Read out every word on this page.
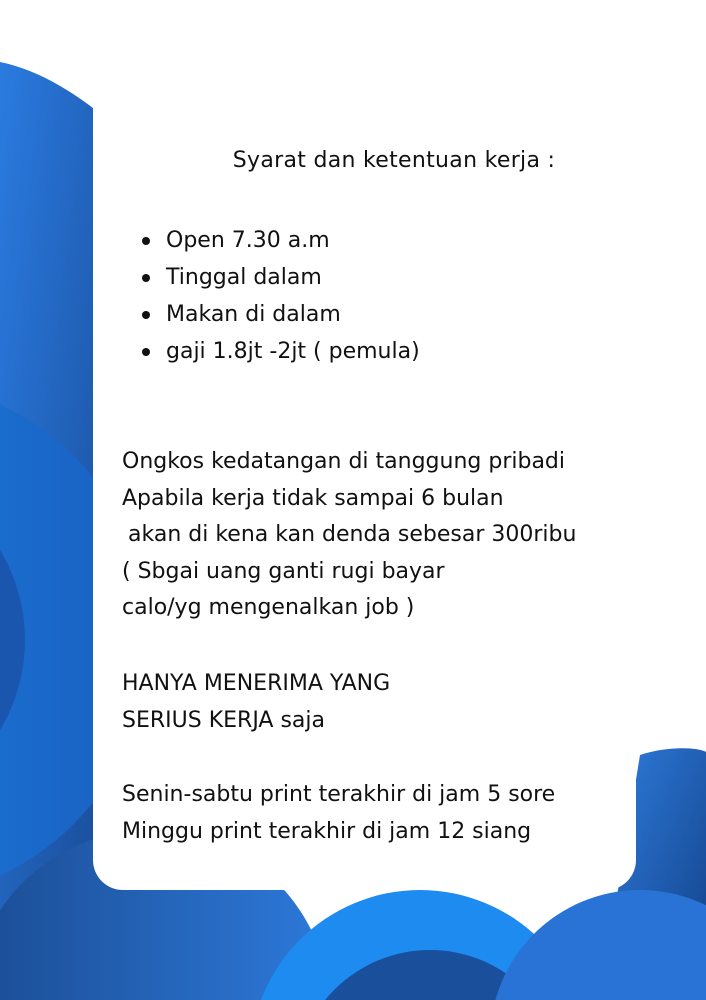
Syarat dan ketentuan kerja :
Open 7.30 a.m
Tinggal dalam
Makan di dalam
gaji 1.8jt -2jt ( pemula)
Ongkos kedatangan di tanggung pribadi
Apabila kerja tidak sampai 6 bulan
akan di kena kan denda sebesar 300ribu
( Sbgai uang ganti rugi bayar
calo/yg mengenalkan job )
HANYA MENERIMA YANG
SERIUS KERJA saja
Senin-sabtu print terakhir di jam 5 sore
Minggu print terakhir di jam 12 siang
